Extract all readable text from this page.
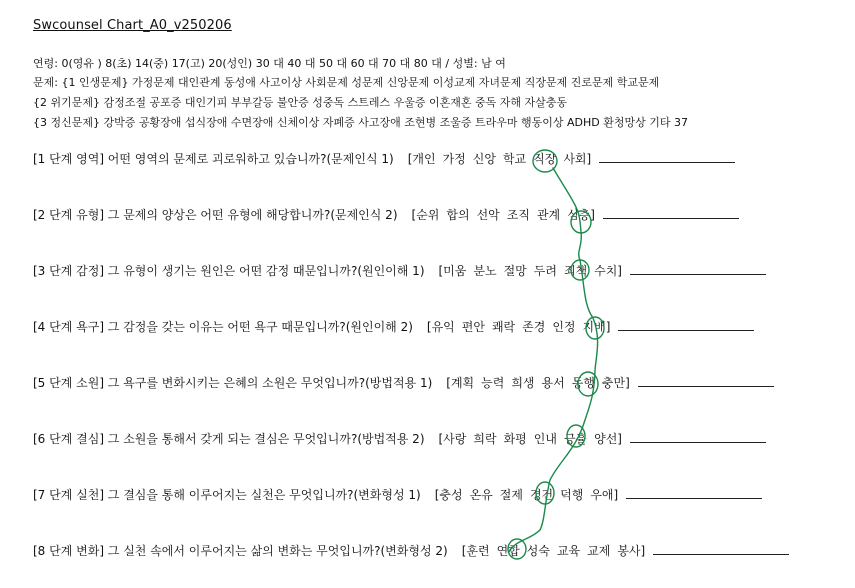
Swcounsel Chart_A0_v250206
연령: 0(영유 ) 8(초) 14(중) 17(고) 20(성인) 30 대 40 대 50 대 60 대 70 대 80 대 / 성별: 남 여
문제: {1 인생문제} 가정문제 대인관계 동성애 사고이상 사회문제 성문제 신앙문제 이성교제 자녀문제 직장문제 진로문제 학교문제
{2 위기문제} 감정조절 공포증 대인기피 부부갈등 불안증 성중독 스트레스 우울증 이혼재혼 중독 자해 자살충동
{3 정신문제} 강박증 공황장애 섭식장애 수면장애 신체이상 자폐증 사고장애 조현병 조울증 트라우마 행동이상 ADHD 환청망상 기타 37
[1 단계 영역] 어떤 영역의 문제로 괴로워하고 있습니까?(문제인식 1) [개인 가정 신앙 학교 직장 사회]
[2 단계 유형] 그 문제의 양상은 어떤 유형에 해당합니까?(문제인식 2) [순위 합의 선악 조직 관계 심층]
[3 단계 감정] 그 유형이 생기는 원인은 어떤 감정 때문입니까?(원인이해 1) [미움 분노 절망 두려 죄책 수치]
[4 단계 욕구] 그 감정을 갖는 이유는 어떤 욕구 때문입니까?(원인이해 2) [유익 편안 쾌락 존경 인정 지배]
[5 단계 소원] 그 욕구를 변화시키는 은혜의 소원은 무엇입니까?(방법적용 1) [계획 능력 희생 용서 동행 충만]
[6 단계 결심] 그 소원을 통해서 갖게 되는 결심은 무엇입니까?(방법적용 2) [사랑 희락 화평 인내 긍휼 양선]
[7 단계 실천] 그 결심을 통해 이루어지는 실천은 무엇입니까?(변화형성 1) [충성 온유 절제 경건 덕행 우애]
[8 단계 변화] 그 실천 속에서 이루어지는 삶의 변화는 무엇입니까?(변화형성 2) [훈련 연합 성숙 교육 교제 봉사]
